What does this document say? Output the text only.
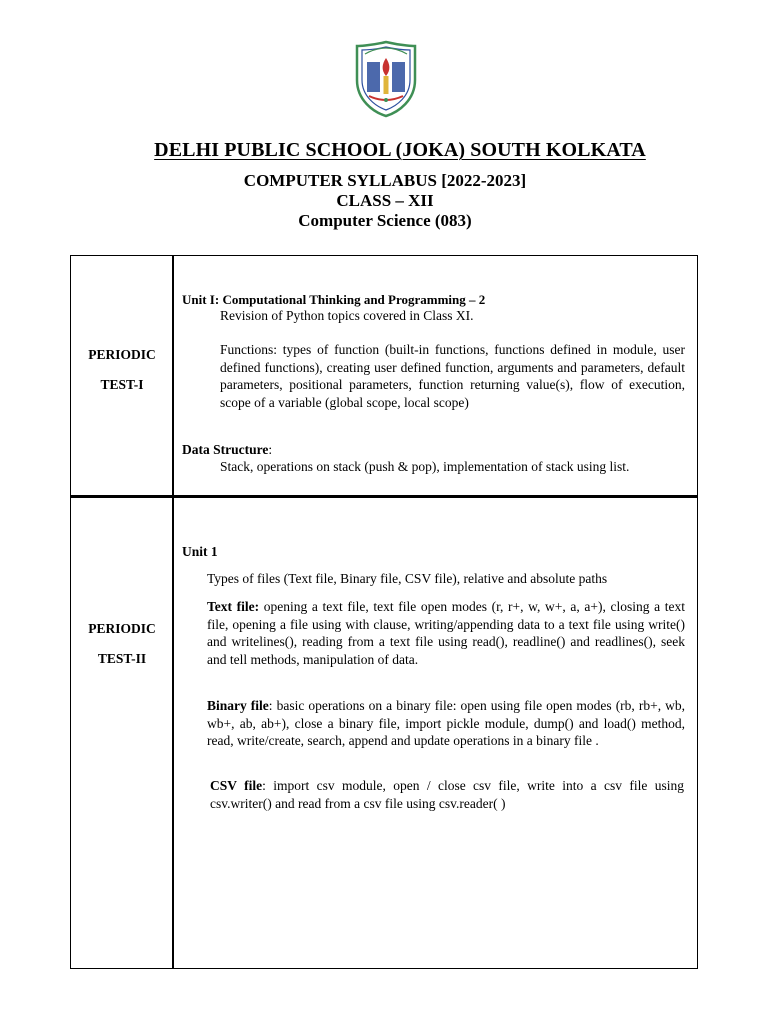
DELHI PUBLIC SCHOOL (JOKA) SOUTH KOLKATA
COMPUTER SYLLABUS [2022-2023]
CLASS – XII
Computer Science (083)
PERIODIC
TEST-I
Unit I: Computational Thinking and Programming – 2
Revision of Python topics covered in Class XI.
Functions: types of function (built-in functions, functions defined in module, user defined functions), creating user defined function, arguments and parameters, default parameters, positional parameters, function returning value(s), flow of execution, scope of a variable (global scope, local scope)
Data Structure:
Stack, operations on stack (push & pop), implementation of stack using list.
PERIODIC
TEST-II
Unit 1
Types of files (Text file, Binary file, CSV file), relative and absolute paths
Text file: opening a text file, text file open modes (r, r+, w, w+, a, a+), closing a text file, opening a file using with clause, writing/appending data to a text file using write() and writelines(), reading from a text file using read(), readline() and readlines(), seek and tell methods, manipulation of data.
Binary file: basic operations on a binary file: open using file open modes (rb, rb+, wb, wb+, ab, ab+), close a binary file, import pickle module, dump() and load() method, read, write/create, search, append and update operations in a binary file .
CSV file: import csv module, open / close csv file, write into a csv file using csv.writer() and read from a csv file using csv.reader( )
